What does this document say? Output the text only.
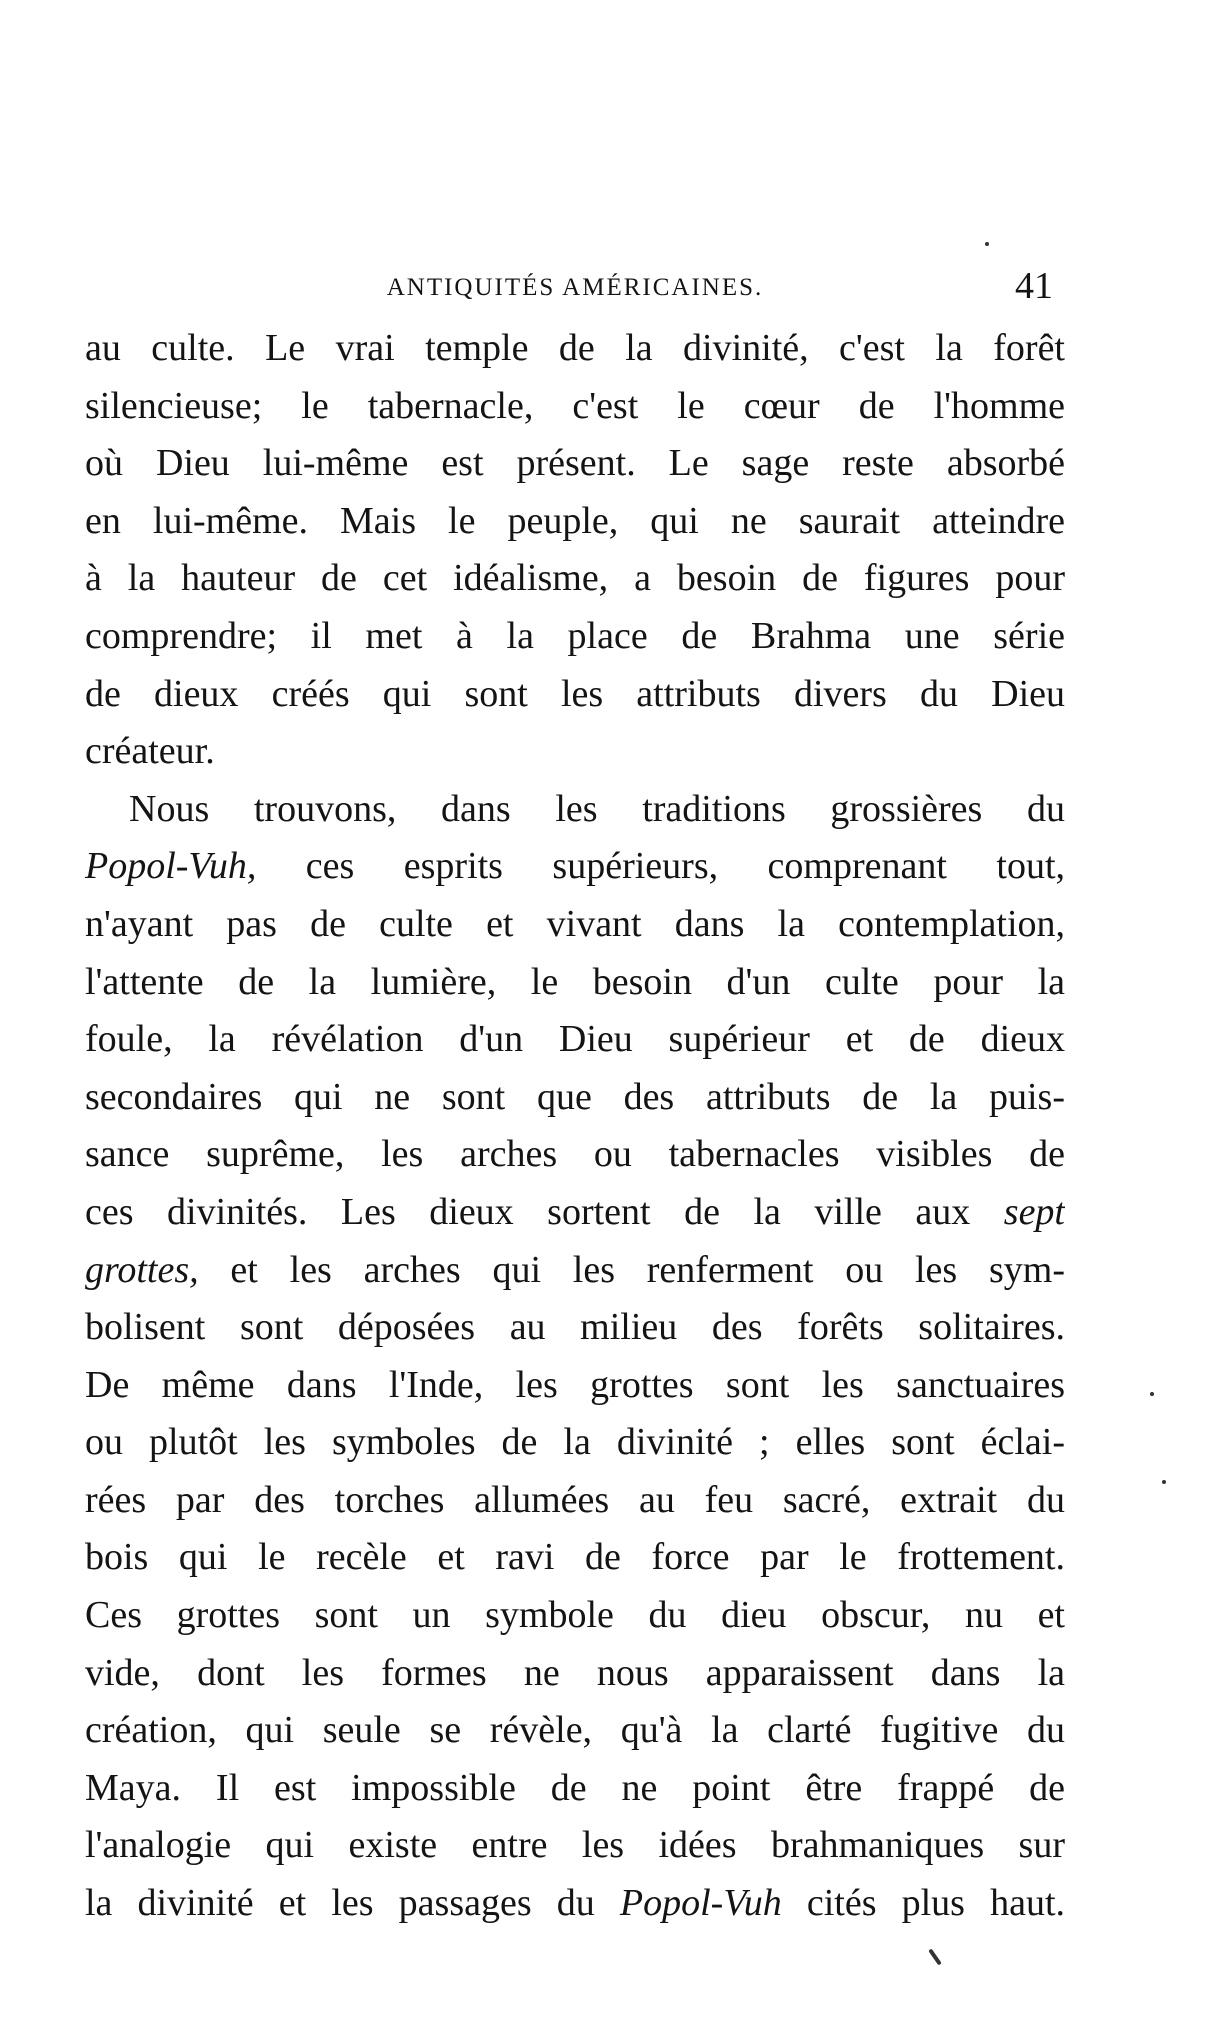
ANTIQUITÉS AMÉRICAINES.	41
au culte. Le vrai temple de la divinité, c'est la forêt
silencieuse; le tabernacle, c'est le cœur de l'homme
où Dieu lui-même est présent. Le sage reste absorbé
en lui-même. Mais le peuple, qui ne saurait atteindre
à la hauteur de cet idéalisme, a besoin de figures pour
comprendre; il met à la place de Brahma une série
de dieux créés qui sont les attributs divers du Dieu
créateur.
Nous trouvons, dans les traditions grossières du
Popol-Vuh, ces esprits supérieurs, comprenant tout,
n'ayant pas de culte et vivant dans la contemplation,
l'attente de la lumière, le besoin d'un culte pour la
foule, la révélation d'un Dieu supérieur et de dieux
secondaires qui ne sont que des attributs de la puis-
sance suprême, les arches ou tabernacles visibles de
ces divinités. Les dieux sortent de la ville aux sept
grottes, et les arches qui les renferment ou les sym-
bolisent sont déposées au milieu des forêts solitaires.
De même dans l'Inde, les grottes sont les sanctuaires
ou plutôt les symboles de la divinité ; elles sont éclai-
rées par des torches allumées au feu sacré, extrait du
bois qui le recèle et ravi de force par le frottement.
Ces grottes sont un symbole du dieu obscur, nu et
vide, dont les formes ne nous apparaissent dans la
création, qui seule se révèle, qu'à la clarté fugitive du
Maya. Il est impossible de ne point être frappé de
l'analogie qui existe entre les idées brahmaniques sur
la divinité et les passages du Popol-Vuh cités plus haut.
